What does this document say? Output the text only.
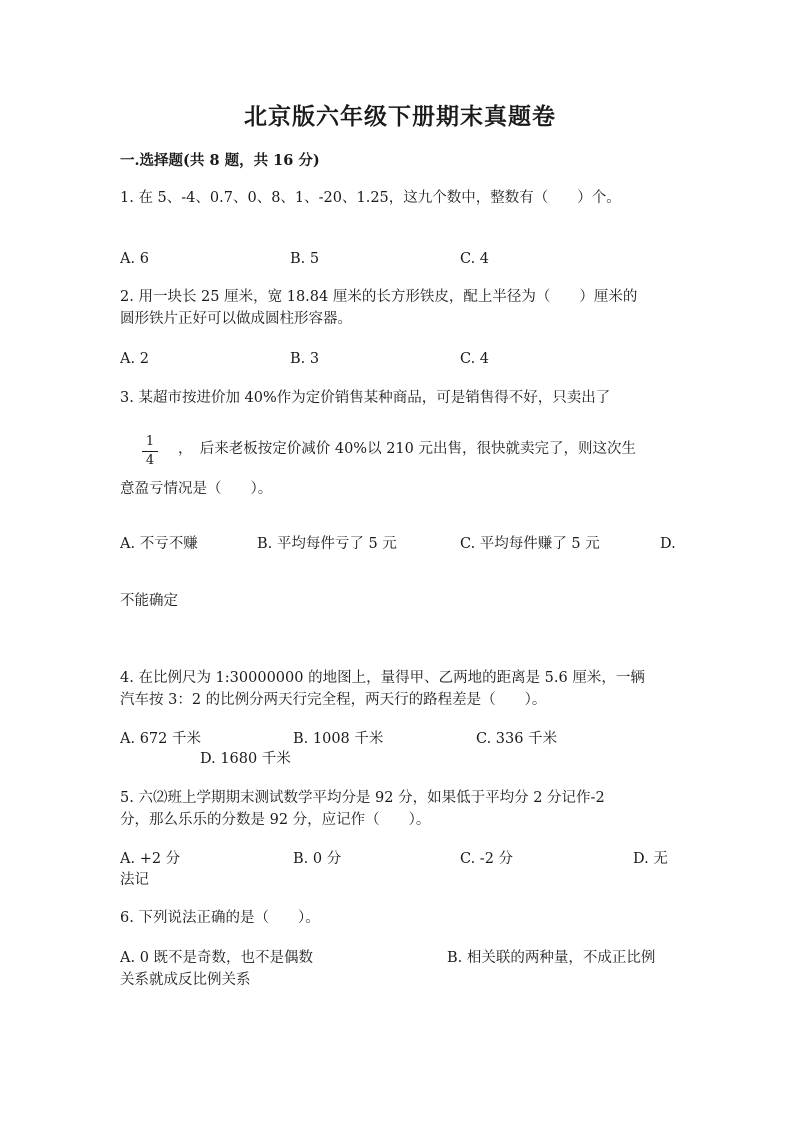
北京版六年级下册期末真题卷
一.选择题(共 8 题，共 16 分)
1. 在 5、-4、0.7、0、8、1、-20、1.25，这九个数中，整数有（　　）个。
A. 6	B. 5	C. 4
2. 用一块长 25 厘米，宽 18.84 厘米的长方形铁皮，配上半径为（　　）厘米的
圆形铁片正好可以做成圆柱形容器。
A. 2	B. 3	C. 4
3. 某超市按进价加 40%作为定价销售某种商品，可是销售得不好，只卖出了
1
4
，　后来老板按定价减价 40%以 210 元出售，很快就卖完了，则这次生
意盈亏情况是（　　）。
A. 不亏不赚	B. 平均每件亏了 5 元	C. 平均每件赚了 5 元	D.
不能确定
4. 在比例尺为 1:30000000 的地图上，量得甲、乙两地的距离是 5.6 厘米，一辆
汽车按 3：2 的比例分两天行完全程，两天行的路程差是（　　）。
A. 672 千米	B. 1008 千米	C. 336 千米
D. 1680 千米
5. 六⑵班上学期期末测试数学平均分是 92 分，如果低于平均分 2 分记作-2
分，那么乐乐的分数是 92 分，应记作（　　）。
A. +2 分	B. 0 分	C. -2 分	D. 无
法记
6. 下列说法正确的是（　　）。
A. 0 既不是奇数，也不是偶数	B. 相关联的两种量，不成正比例
关系就成反比例关系
